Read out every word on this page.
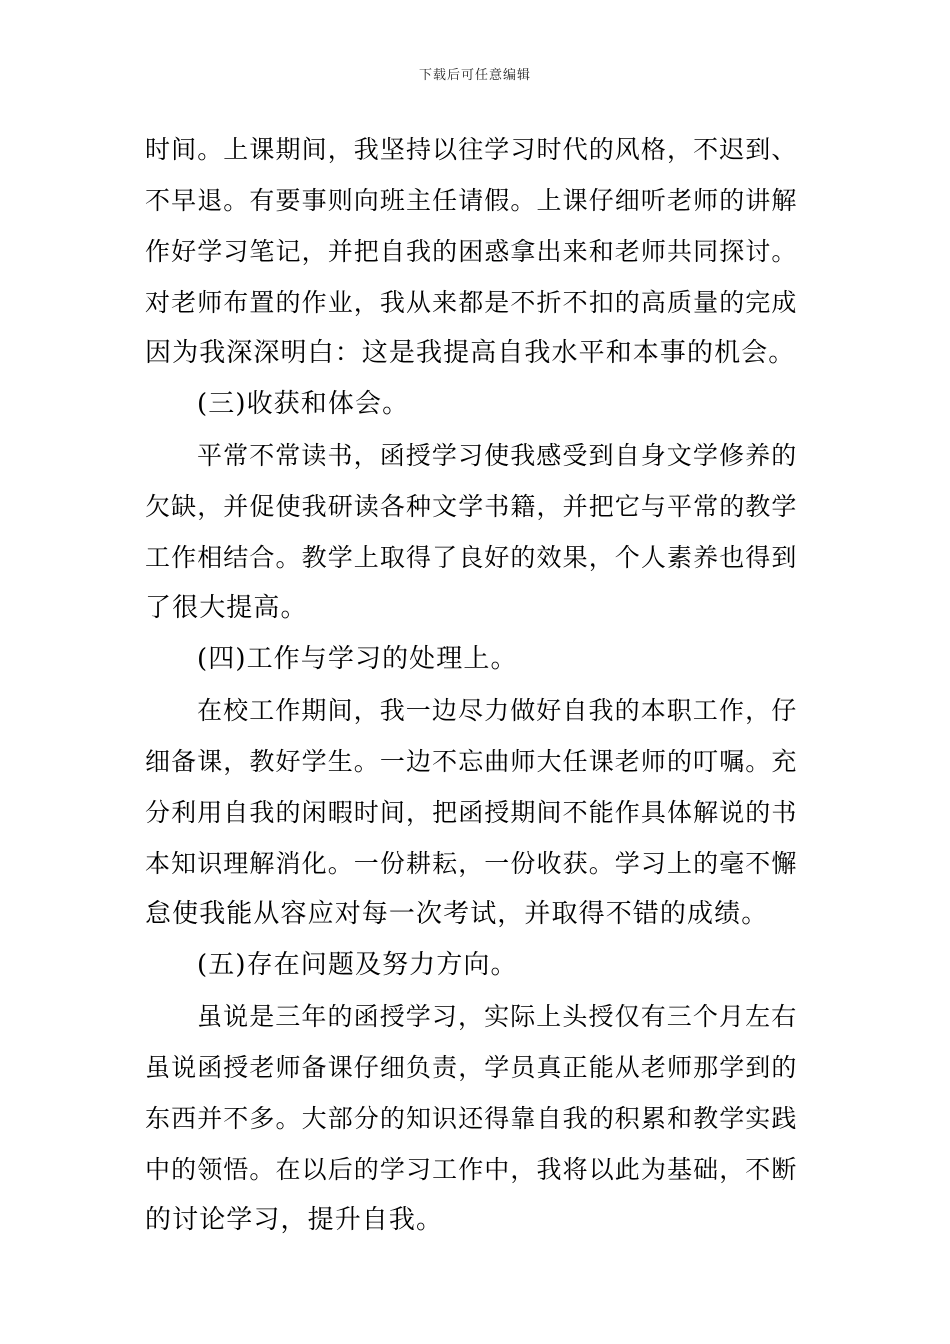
下载后可任意编辑
时间。上课期间，我坚持以往学习时代的风格，不迟到、
不早退。有要事则向班主任请假。上课仔细听老师的讲解
作好学习笔记，并把自我的困惑拿出来和老师共同探讨。
对老师布置的作业，我从来都是不折不扣的高质量的完成
因为我深深明白：这是我提高自我水平和本事的机会。
(三)收获和体会。
平常不常读书，函授学习使我感受到自身文学修养的
欠缺，并促使我研读各种文学书籍，并把它与平常的教学
工作相结合。教学上取得了良好的效果，个人素养也得到
了很大提高。
(四)工作与学习的处理上。
在校工作期间，我一边尽力做好自我的本职工作，仔
细备课，教好学生。一边不忘曲师大任课老师的叮嘱。充
分利用自我的闲暇时间，把函授期间不能作具体解说的书
本知识理解消化。一份耕耘，一份收获。学习上的毫不懈
怠使我能从容应对每一次考试，并取得不错的成绩。
(五)存在问题及努力方向。
虽说是三年的函授学习，实际上头授仅有三个月左右
虽说函授老师备课仔细负责，学员真正能从老师那学到的
东西并不多。大部分的知识还得靠自我的积累和教学实践
中的领悟。在以后的学习工作中，我将以此为基础，不断
的讨论学习，提升自我。
